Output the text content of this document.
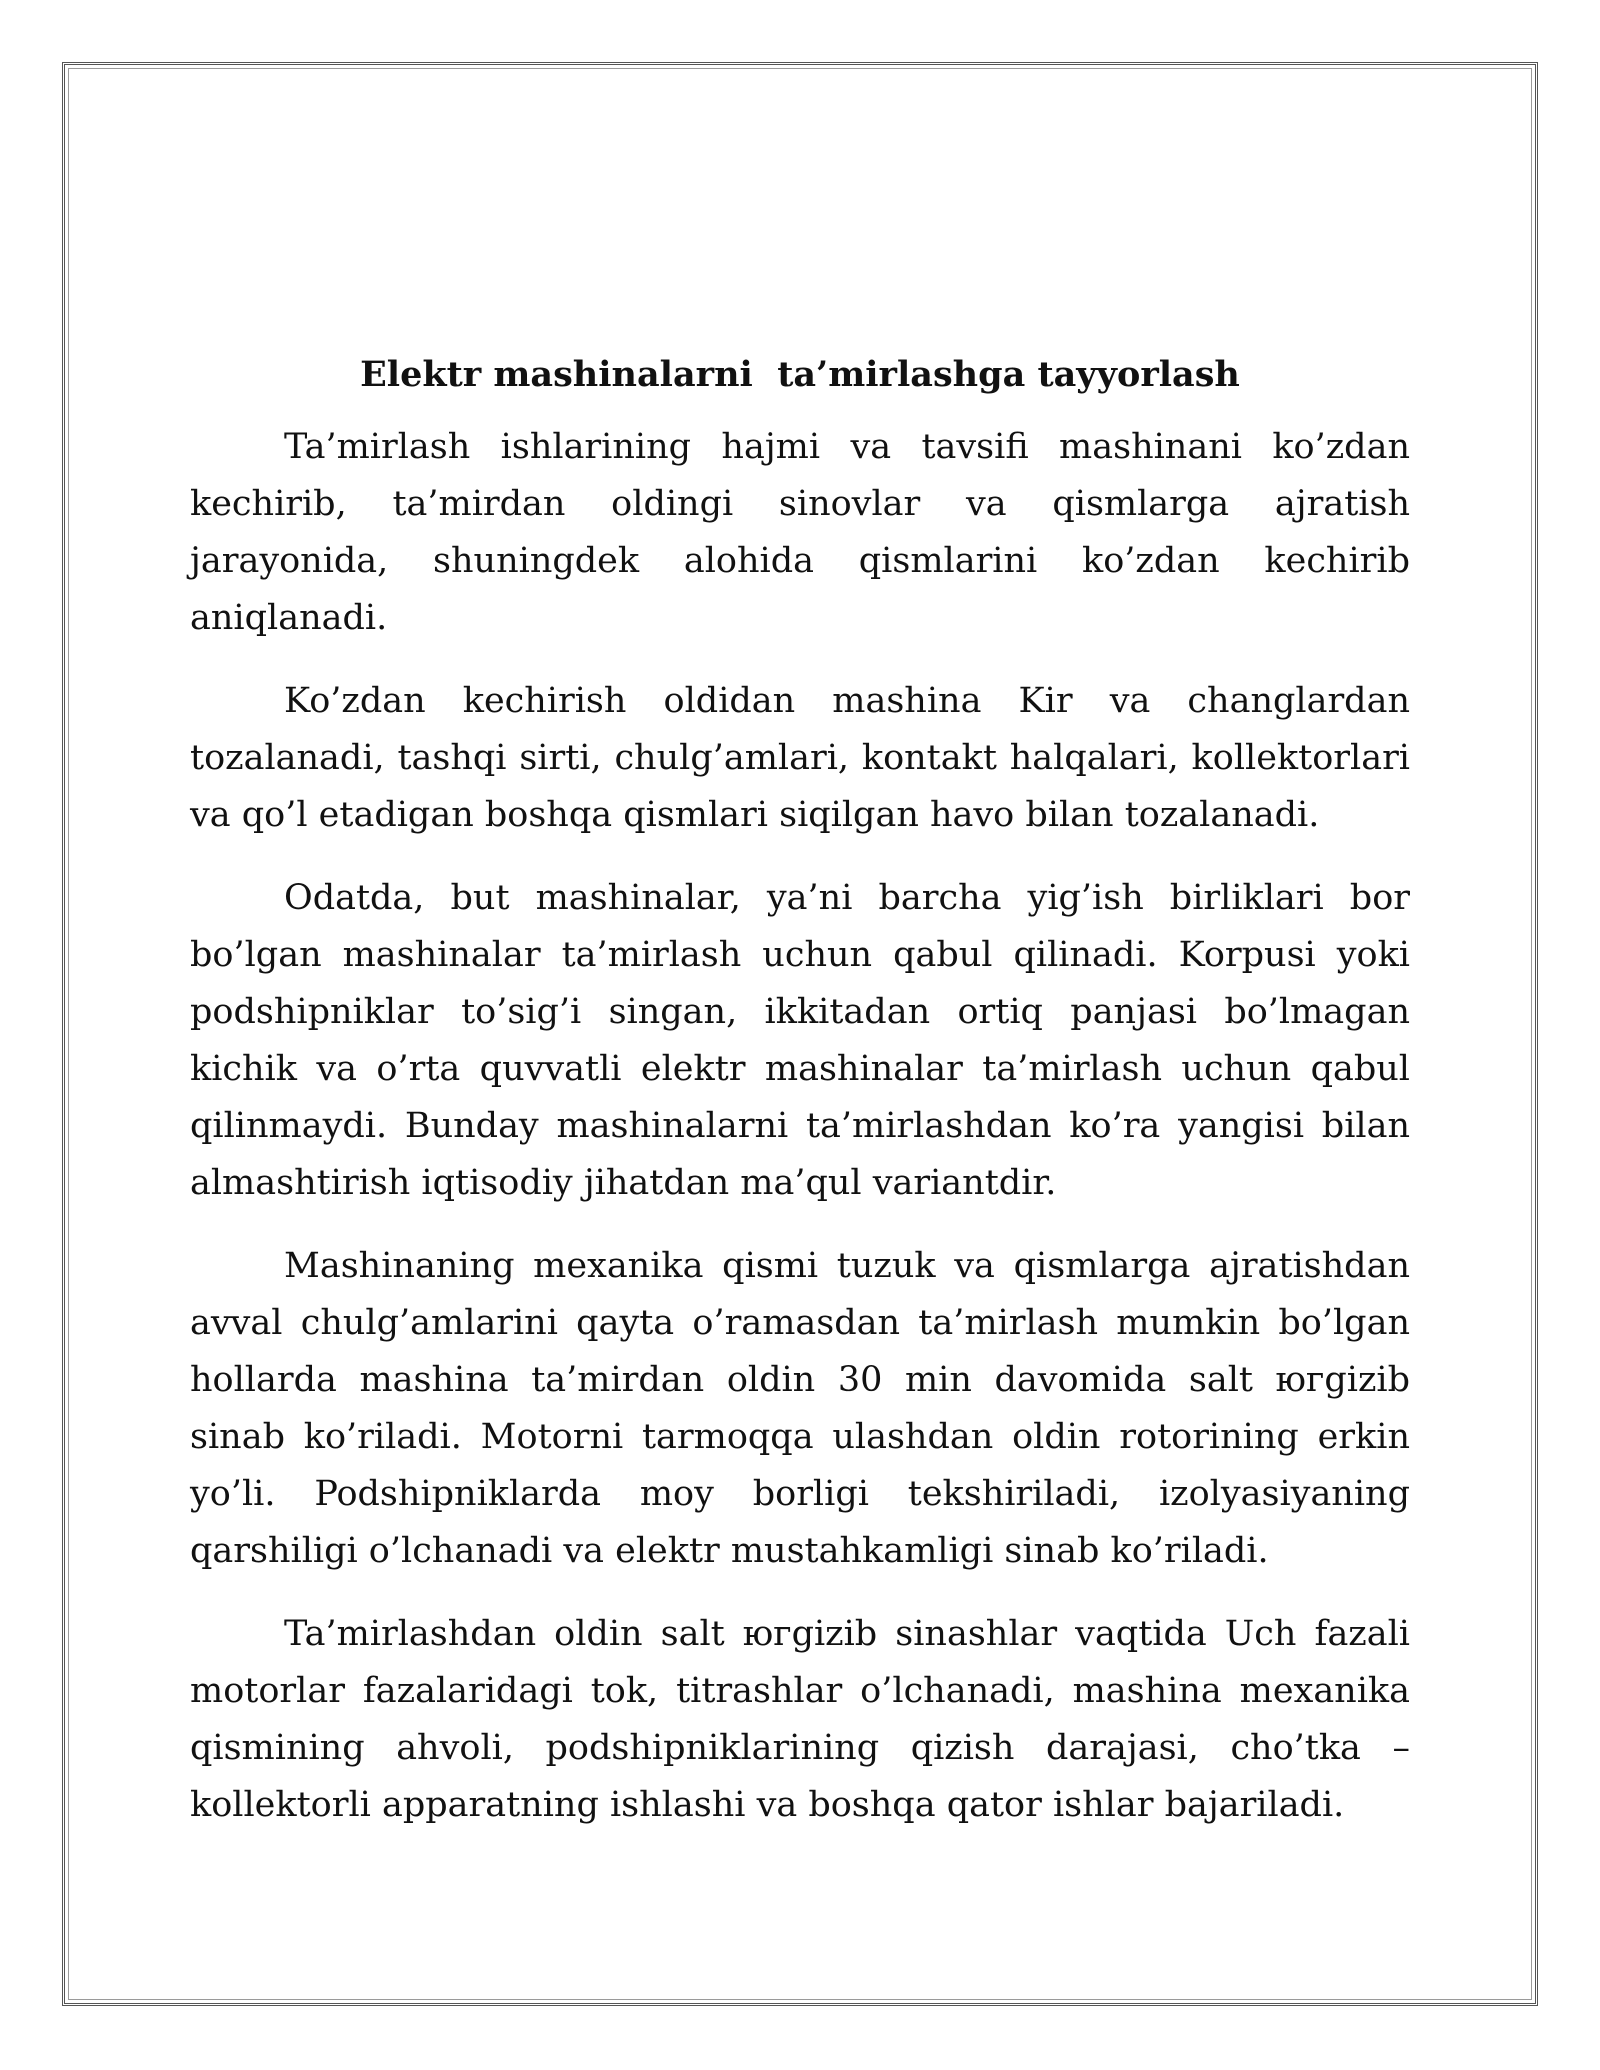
Elektr mashinalarni  ta’mirlashga tayyorlash

Ta’mirlash ishlarining hajmi va tavsifi mashinani ko’zdan kechirib, ta’mirdan oldingi sinovlar va qismlarga ajratish jarayonida, shuningdek alohida qismlarini ko’zdan kechirib aniqlanadi.

Ko’zdan kechirish oldidan mashina Kir va changlardan tozalanadi, tashqi sirti, chulg’amlari, kontakt halqalari, kollektorlari va qo’l etadigan boshqa qismlari siqilgan havo bilan tozalanadi.

Odatda, but mashinalar, ya’ni barcha yig’ish birliklari bor bo’lgan mashinalar ta’mirlash uchun qabul qilinadi. Korpusi yoki podshipniklar to’sig’i singan, ikkitadan ortiq panjasi bo’lmagan kichik va o’rta quvvatli elektr mashinalar ta’mirlash uchun qabul qilinmaydi. Bunday mashinalarni ta’mirlashdan ko’ra yangisi bilan almashtirish iqtisodiy jihatdan ma’qul variantdir.

Mashinaning mexanika qismi tuzuk va qismlarga ajratishdan avval chulg’amlarini qayta o’ramasdan ta’mirlash mumkin bo’lgan hollarda mashina ta’mirdan oldin 30 min davomida salt югgizib sinab ko’riladi. Motorni tarmoqqa ulashdan oldin rotorining erkin yo’li. Podshipniklarda moy borligi tekshiriladi, izolyasiyaning qarshiligi o’lchanadi va elektr mustahkamligi sinab ko’riladi.

Ta’mirlashdan oldin salt югgizib sinashlar vaqtida Uch fazali motorlar fazalaridagi tok, titrashlar o’lchanadi, mashina mexanika qismining ahvoli, podshipniklarining qizish darajasi, cho’tka – kollektorli apparatning ishlashi va boshqa qator ishlar bajariladi.
